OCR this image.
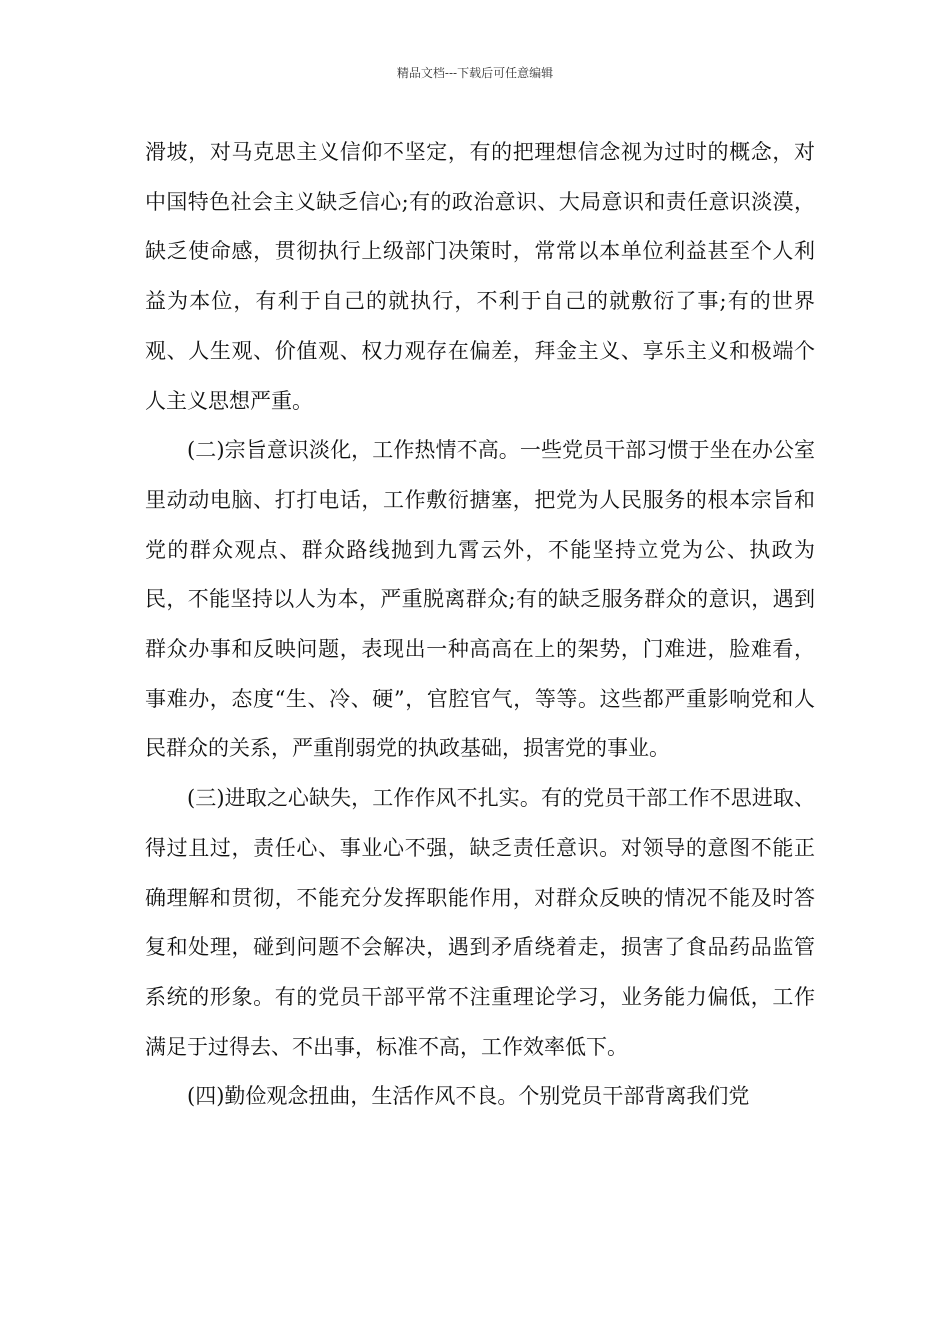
精品文档---下载后可任意编辑

滑坡，对马克思主义信仰不坚定，有的把理想信念视为过时的概念，对中国特色社会主义缺乏信心;有的政治意识、大局意识和责任意识淡漠，缺乏使命感，贯彻执行上级部门决策时，常常以本单位利益甚至个人利益为本位，有利于自己的就执行，不利于自己的就敷衍了事;有的世界观、人生观、价值观、权力观存在偏差，拜金主义、享乐主义和极端个人主义思想严重。

(二)宗旨意识淡化，工作热情不高。一些党员干部习惯于坐在办公室里动动电脑、打打电话，工作敷衍搪塞，把党为人民服务的根本宗旨和党的群众观点、群众路线抛到九霄云外，不能坚持立党为公、执政为民，不能坚持以人为本，严重脱离群众;有的缺乏服务群众的意识，遇到群众办事和反映问题，表现出一种高高在上的架势，门难进，脸难看，事难办，态度“生、冷、硬”，官腔官气，等等。这些都严重影响党和人民群众的关系，严重削弱党的执政基础，损害党的事业。

(三)进取之心缺失，工作作风不扎实。有的党员干部工作不思进取、得过且过，责任心、事业心不强，缺乏责任意识。对领导的意图不能正确理解和贯彻，不能充分发挥职能作用，对群众反映的情况不能及时答复和处理，碰到问题不会解决，遇到矛盾绕着走，损害了食品药品监管系统的形象。有的党员干部平常不注重理论学习，业务能力偏低，工作满足于过得去、不出事，标准不高，工作效率低下。

(四)勤俭观念扭曲，生活作风不良。个别党员干部背离我们党
